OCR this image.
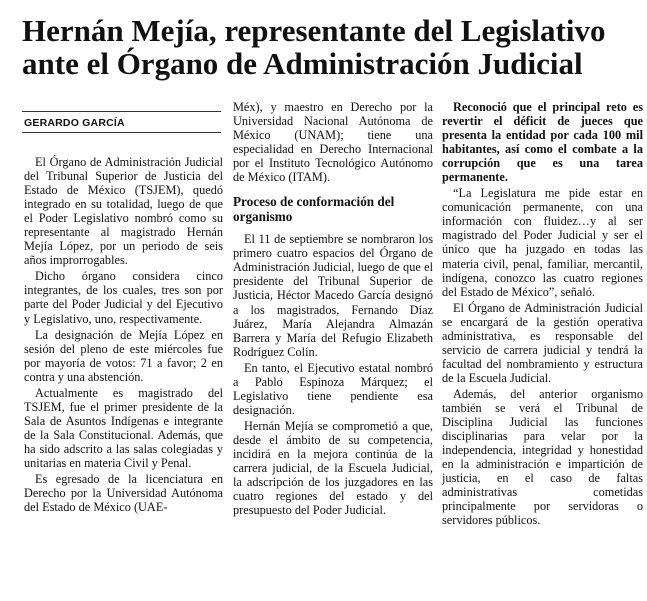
Hernán Mejía, representante del Legislativo
ante el Órgano de Administración Judicial
GERARDO GARCÍA

El Órgano de Administración Judicial del Tribunal Superior de Justicia del Estado de México (TSJEM), quedó integrado en su totalidad, luego de que el Poder Legislativo nombró como su representante al magistrado Hernán Mejía López, por un periodo de seis años improrrogables.

Dicho órgano considera cinco integrantes, de los cuales, tres son por parte del Poder Judicial y del Ejecutivo y Legislativo, uno, respectivamente.

La designación de Mejía López en sesión del pleno de este miércoles fue por mayoría de votos: 71 a favor; 2 en contra y una abstención.

Actualmente es magistrado del TSJEM, fue el primer presidente de la Sala de Asuntos Indígenas e integrante de la Sala Constitucional. Además, que ha sido adscrito a las salas colegiadas y unitarias en materia Civil y Penal.

Es egresado de la licenciatura en Derecho por la Universidad Autónoma del Estado de México (UAE-

Méx), y maestro en Derecho por la Universidad Nacional Autónoma de México (UNAM); tiene una especialidad en Derecho Internacional por el Instituto Tecnológico Autónomo de México (ITAM).

Proceso de conformación del organismo

El 11 de septiembre se nombraron los primero cuatro espacios del Órgano de Administración Judicial, luego de que el presidente del Tribunal Superior de Justicia, Héctor Macedo García designó a los magistrados, Fernando Díaz Juárez, María Alejandra Almazán Barrera y María del Refugio Elizabeth Rodríguez Colín.

En tanto, el Ejecutivo estatal nombró a Pablo Espinoza Márquez; el Legislativo tiene pendiente esa designación.

Hernán Mejía se comprometió a que, desde el ámbito de su competencia, incidirá en la mejora continúa de la carrera judicial, de la Escuela Judicial, la adscripción de los juzgadores en las cuatro regiones del estado y del presupuesto del Poder Judicial.

Reconoció que el principal reto es revertir el déficit de jueces que presenta la entidad por cada 100 mil habitantes, así como el combate a la corrupción que es una tarea permanente.

“La Legislatura me pide estar en comunicación permanente, con una información con fluidez…y al ser magistrado del Poder Judicial y ser el único que ha juzgado en todas las materia civil, penal, familiar, mercantil, indígena, conozco las cuatro regiones del Estado de México”, señaló.

El Órgano de Administración Judicial se encargará de la gestión operativa administrativa, es responsable del servicio de carrera judicial y tendrá la facultad del nombramiento y estructura de la Escuela Judicial.

Además, del anterior organismo también se verá el Tribunal de Disciplina Judicial las funciones disciplinarias para velar por la independencia, integridad y honestidad en la administración e impartición de justicia, en el caso de faltas administrativas cometidas principalmente por servidoras o servidores públicos.
